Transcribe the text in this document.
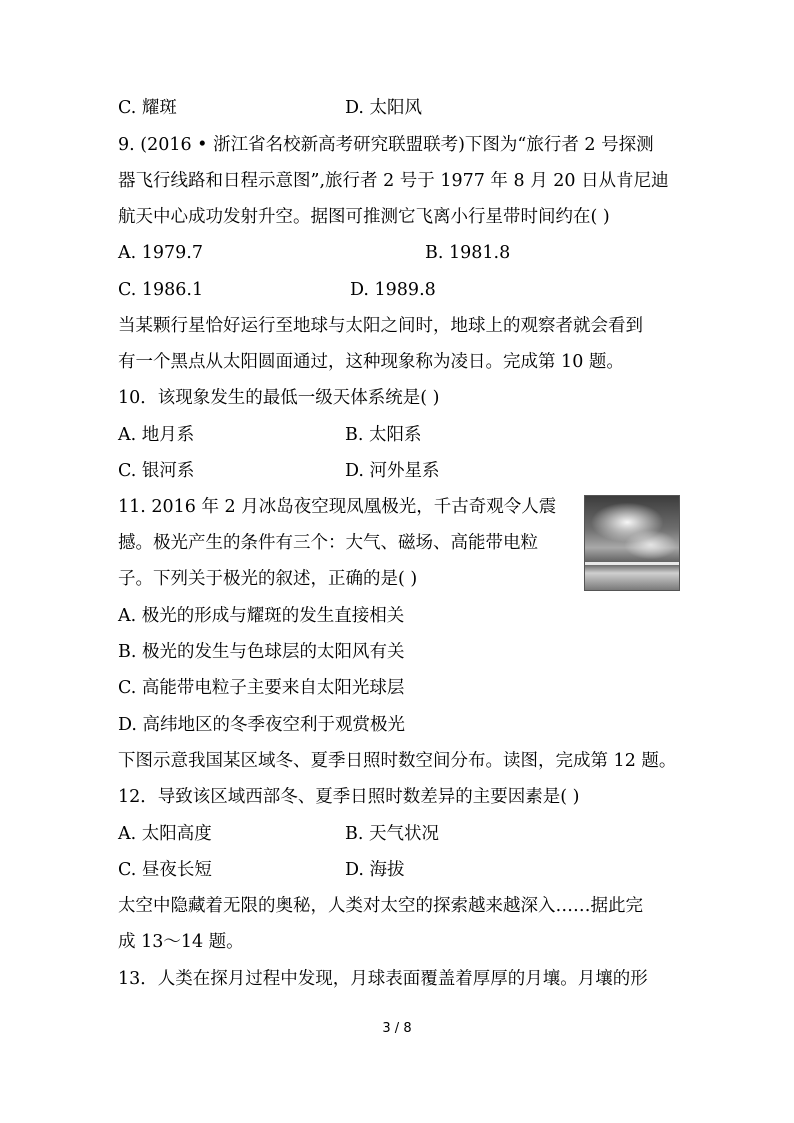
C. 耀斑	D. 太阳风
9. (2016 • 浙江省名校新高考研究联盟联考)下图为“旅行者 2 号探测
器飞行线路和日程示意图”,旅行者 2 号于 1977 年 8 月 20 日从肯尼迪
航天中心成功发射升空。据图可推测它飞离小行星带时间约在( )
A. 1979.7	B. 1981.8
C. 1986.1	D. 1989.8
当某颗行星恰好运行至地球与太阳之间时，地球上的观察者就会看到
有一个黑点从太阳圆面通过，这种现象称为凌日。完成第 10 题。
10．该现象发生的最低一级天体系统是( )
A. 地月系	B. 太阳系
C. 银河系	D. 河外星系
11. 2016 年 2 月冰岛夜空现凤凰极光，千古奇观令人震
撼。极光产生的条件有三个：大气、磁场、高能带电粒
子。下列关于极光的叙述，正确的是( )
A. 极光的形成与耀斑的发生直接相关
B. 极光的发生与色球层的太阳风有关
C. 高能带电粒子主要来自太阳光球层
D. 高纬地区的冬季夜空利于观赏极光
下图示意我国某区域冬、夏季日照时数空间分布。读图，完成第 12 题。
12．导致该区域西部冬、夏季日照时数差异的主要因素是( )
A. 太阳高度	B. 天气状况
C. 昼夜长短	D. 海拔
太空中隐藏着无限的奥秘，人类对太空的探索越来越深入……据此完
成 13～14 题。
13．人类在探月过程中发现，月球表面覆盖着厚厚的月壤。月壤的形
3 / 8
